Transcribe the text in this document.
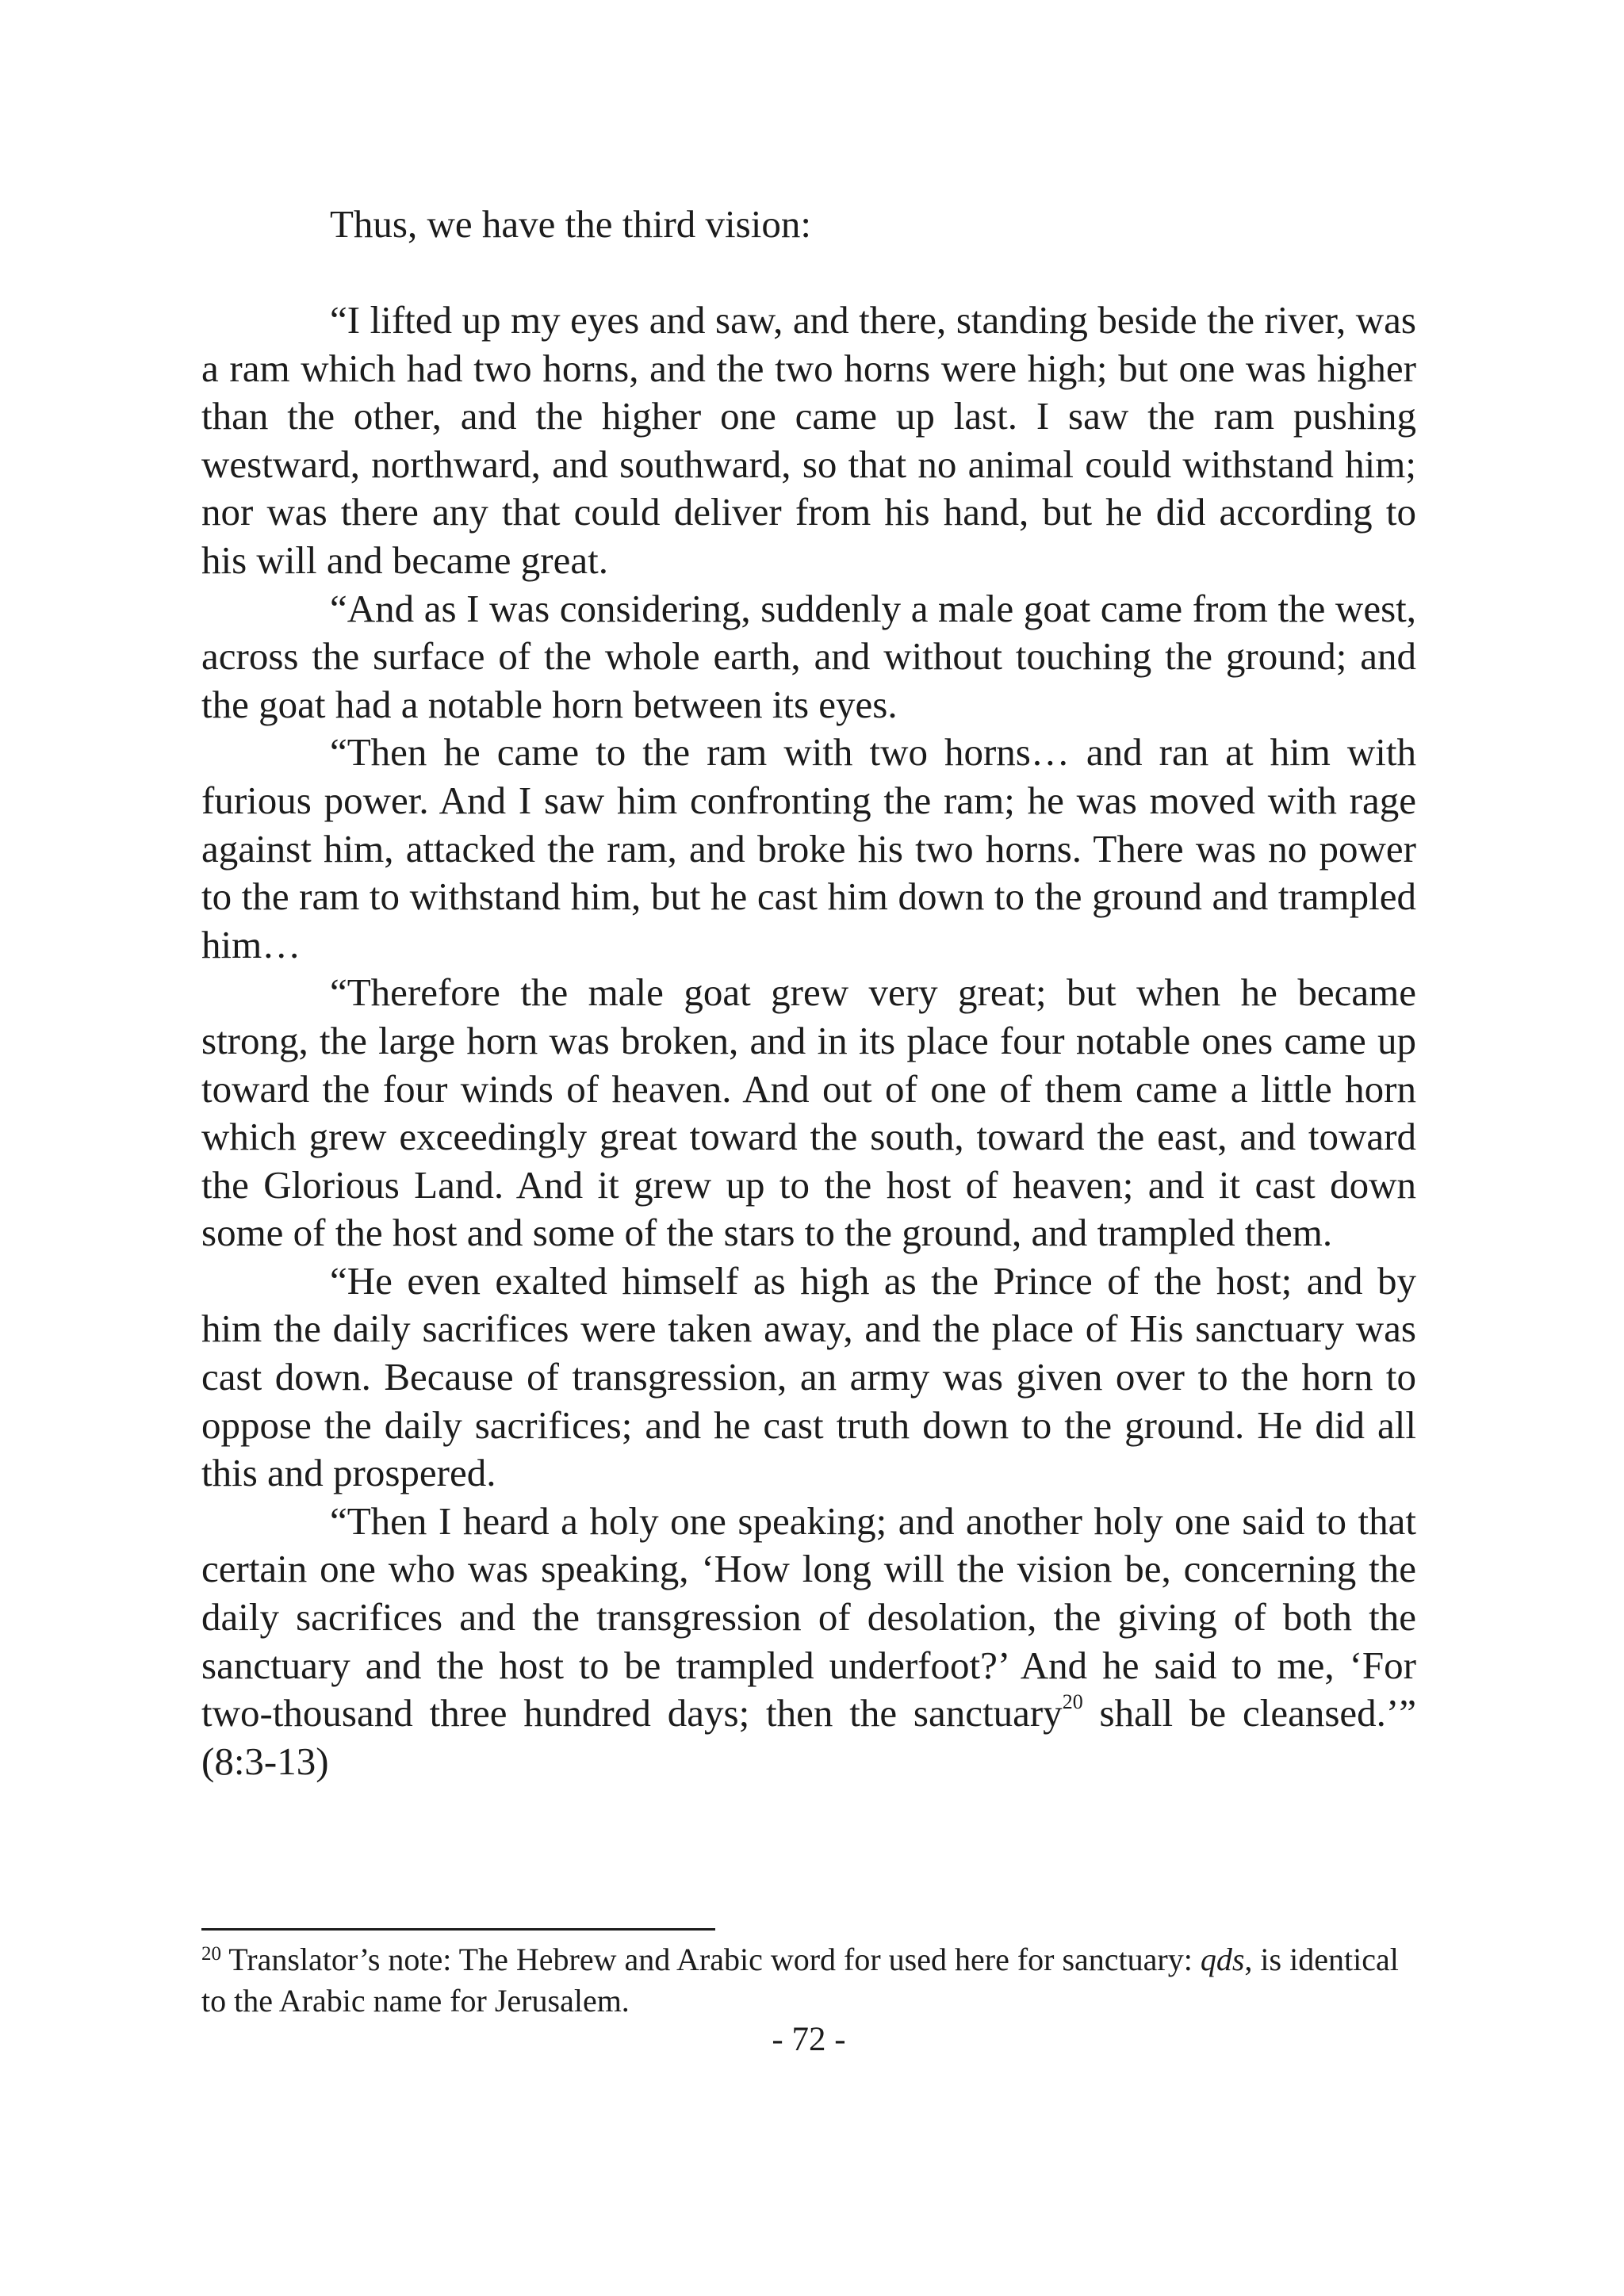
Thus, we have the third vision:

“I lifted up my eyes and saw, and there, standing beside the river, was a ram which had two horns, and the two horns were high; but one was higher than the other, and the higher one came up last. I saw the ram pushing westward, northward, and southward, so that no animal could withstand him; nor was there any that could deliver from his hand, but he did according to his will and became great.

“And as I was considering, suddenly a male goat came from the west, across the surface of the whole earth, and without touching the ground; and the goat had a notable horn between its eyes.

“Then he came to the ram with two horns… and ran at him with furious power. And I saw him confronting the ram; he was moved with rage against him, attacked the ram, and broke his two horns. There was no power to the ram to withstand him, but he cast him down to the ground and trampled him…

“Therefore the male goat grew very great; but when he became strong, the large horn was broken, and in its place four notable ones came up toward the four winds of heaven. And out of one of them came a little horn which grew exceedingly great toward the south, toward the east, and toward the Glorious Land. And it grew up to the host of heaven; and it cast down some of the host and some of the stars to the ground, and trampled them.

“He even exalted himself as high as the Prince of the host; and by him the daily sacrifices were taken away, and the place of His sanctuary was cast down. Because of transgression, an army was given over to the horn to oppose the daily sacrifices; and he cast truth down to the ground. He did all this and prospered.

“Then I heard a holy one speaking; and another holy one said to that certain one who was speaking, ‘How long will the vision be, concerning the daily sacrifices and the transgression of desolation, the giving of both the sanctuary and the host to be trampled underfoot?’ And he said to me, ‘For two-thousand three hundred days; then the sanctuary$^{20}$ shall be cleansed.’” (8:3-13)

$^{20}$ Translator’s note: The Hebrew and Arabic word for used here for sanctuary: qds, is identical to the Arabic name for Jerusalem.

- 72 -
